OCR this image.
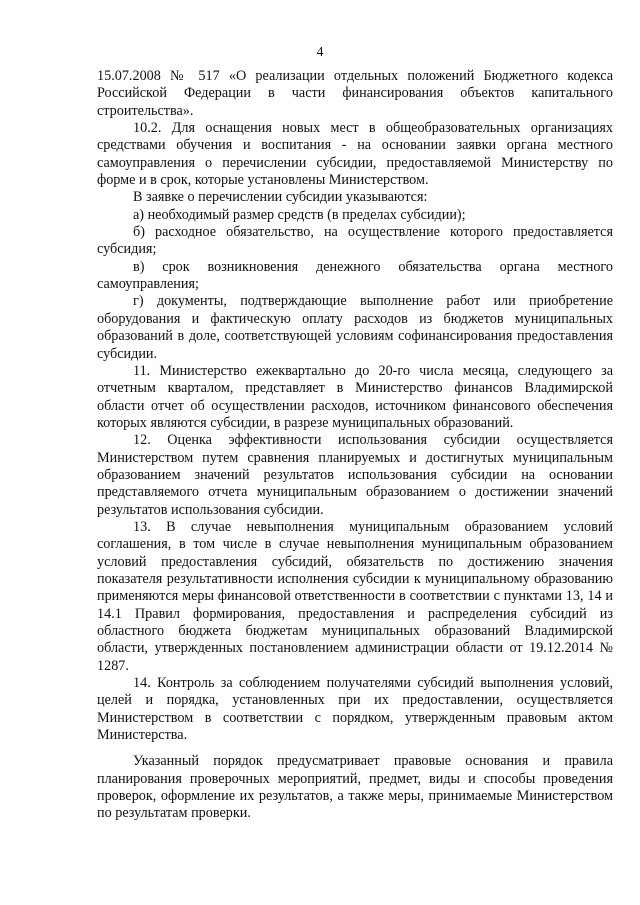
4

15.07.2008 № 517 «О реализации отдельных положений Бюджетного кодекса Российской Федерации в части финансирования объектов капитального строительства».

10.2. Для оснащения новых мест в общеобразовательных организациях средствами обучения и воспитания - на основании заявки органа местного самоуправления о перечислении субсидии, предоставляемой Министерству по форме и в срок, которые установлены Министерством.

В заявке о перечислении субсидии указываются:

а) необходимый размер средств (в пределах субсидии);

б) расходное обязательство, на осуществление которого предоставляется субсидия;

в) срок возникновения денежного обязательства органа местного самоуправления;

г) документы, подтверждающие выполнение работ или приобретение оборудования и фактическую оплату расходов из бюджетов муниципальных образований в доле, соответствующей условиям софинансирования предоставления субсидии.

11. Министерство ежеквартально до 20-го числа месяца, следующего за отчетным кварталом, представляет в Министерство финансов Владимирской области отчет об осуществлении расходов, источником финансового обеспечения которых являются субсидии, в разрезе муниципальных образований.

12. Оценка эффективности использования субсидии осуществляется Министерством путем сравнения планируемых и достигнутых муниципальным образованием значений результатов использования субсидии на основании представляемого отчета муниципальным образованием о достижении значений результатов использования субсидии.

13. В случае невыполнения муниципальным образованием условий соглашения, в том числе в случае невыполнения муниципальным образованием условий предоставления субсидий, обязательств по достижению значения показателя результативности исполнения субсидии к муниципальному образованию применяются меры финансовой ответственности в соответствии с пунктами 13, 14 и 14.1 Правил формирования, предоставления и распределения субсидий из областного бюджета бюджетам муниципальных образований Владимирской области, утвержденных постановлением администрации области от 19.12.2014 № 1287.

14. Контроль за соблюдением получателями субсидий выполнения условий, целей и порядка, установленных при их предоставлении, осуществляется Министерством в соответствии с порядком, утвержденным правовым актом Министерства.

Указанный порядок предусматривает правовые основания и правила планирования проверочных мероприятий, предмет, виды и способы проведения проверок, оформление их результатов, а также меры, принимаемые Министерством по результатам проверки.
